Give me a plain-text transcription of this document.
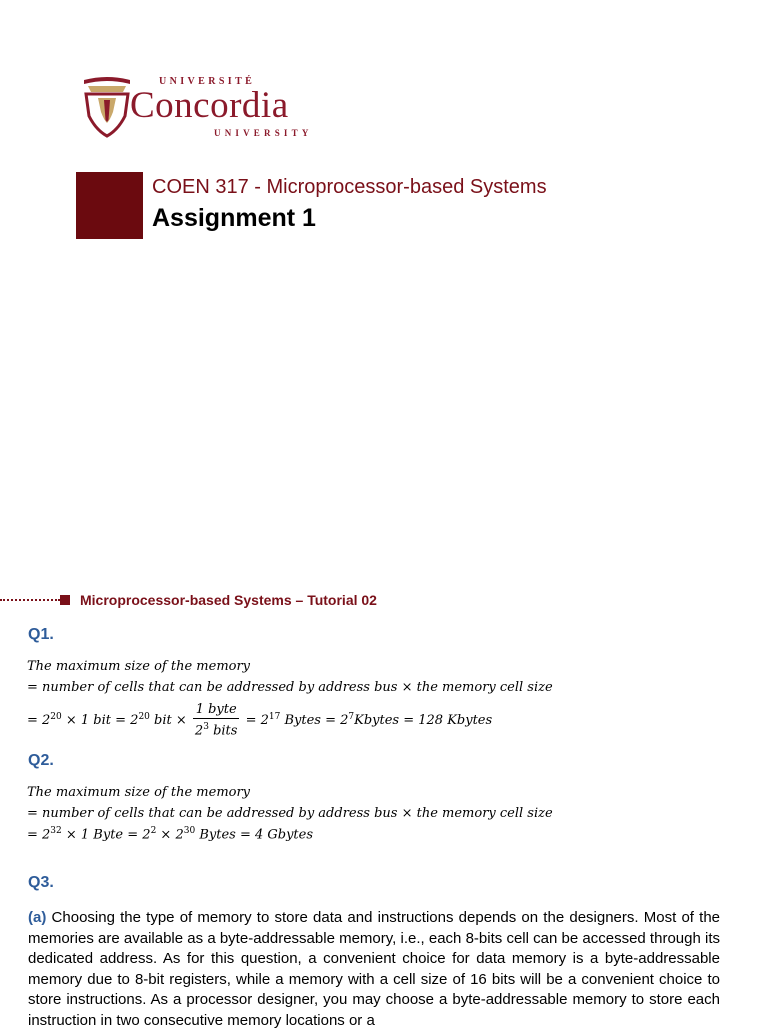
UNIVERSITÉ
Concordia
UNIVERSITY
COEN 317 - Microprocessor-based Systems
Assignment 1
Microprocessor-based Systems – Tutorial 02
Q1.
The maximum size of the memory
= number of cells that can be addressed by address bus × the memory cell size
= $2^{20} \times 1$ bit = $2^{20}$ bit × $\frac{\text{1 byte}}{2^3 bits} = 2^{17}$ Bytes = $2^7Kbytes = 128$ Kbytes
Q2.
The maximum size of the memory
= number of cells that can be addressed by address bus × the memory cell size
= $2^{32} \times 1$ Byte = $2^2 \times 2^{30}$ Bytes = 4 Gbytes
Q3.
(a) Choosing the type of memory to store data and instructions depends on the designers. Most of the memories are available as a byte-addressable memory, i.e., each 8-bits cell can be accessed through its dedicated address. As for this question, a convenient choice for data memory is a byte-addressable memory due to 8-bit registers, while a memory with a cell size of 16 bits will be a convenient choice to store instructions. As a processor designer, you may choose a byte-addressable memory to store each instruction in two consecutive memory locations or a
